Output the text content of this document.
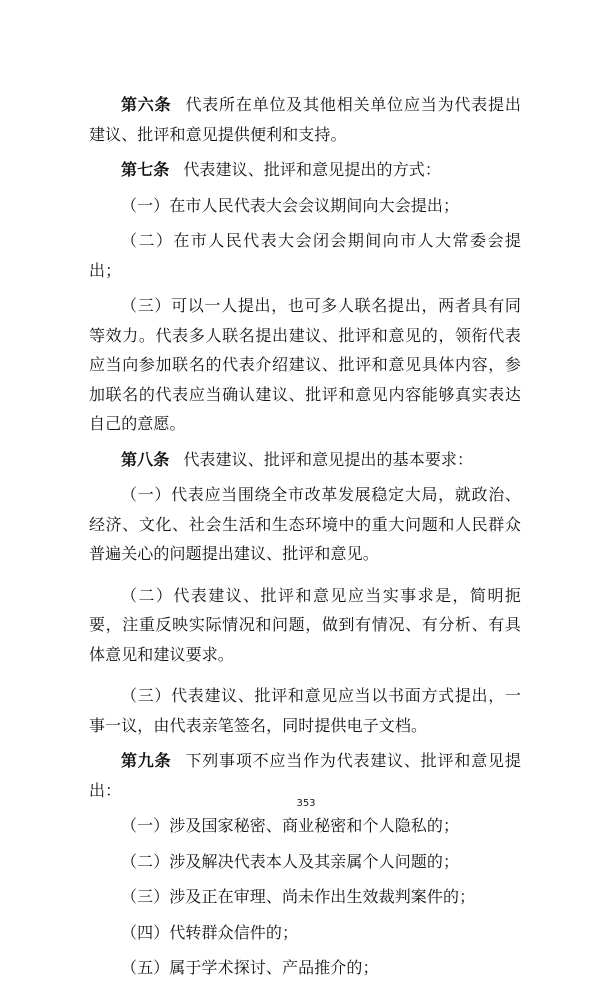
第六条 代表所在单位及其他相关单位应当为代表提出建议、批评和意见提供便利和支持。

第七条 代表建议、批评和意见提出的方式：

（一）在市人民代表大会会议期间向大会提出；

（二）在市人民代表大会闭会期间向市人大常委会提出；

（三）可以一人提出，也可多人联名提出，两者具有同等效力。代表多人联名提出建议、批评和意见的，领衔代表应当向参加联名的代表介绍建议、批评和意见具体内容，参加联名的代表应当确认建议、批评和意见内容能够真实表达自己的意愿。

第八条 代表建议、批评和意见提出的基本要求：

（一）代表应当围绕全市改革发展稳定大局，就政治、经济、文化、社会生活和生态环境中的重大问题和人民群众普遍关心的问题提出建议、批评和意见。

（二）代表建议、批评和意见应当实事求是，简明扼要，注重反映实际情况和问题，做到有情况、有分析、有具体意见和建议要求。

（三）代表建议、批评和意见应当以书面方式提出，一事一议，由代表亲笔签名，同时提供电子文档。

第九条 下列事项不应当作为代表建议、批评和意见提出：

（一）涉及国家秘密、商业秘密和个人隐私的；

（二）涉及解决代表本人及其亲属个人问题的；

（三）涉及正在审理、尚未作出生效裁判案件的；

（四）代转群众信件的；

（五）属于学术探讨、产品推介的；

353
